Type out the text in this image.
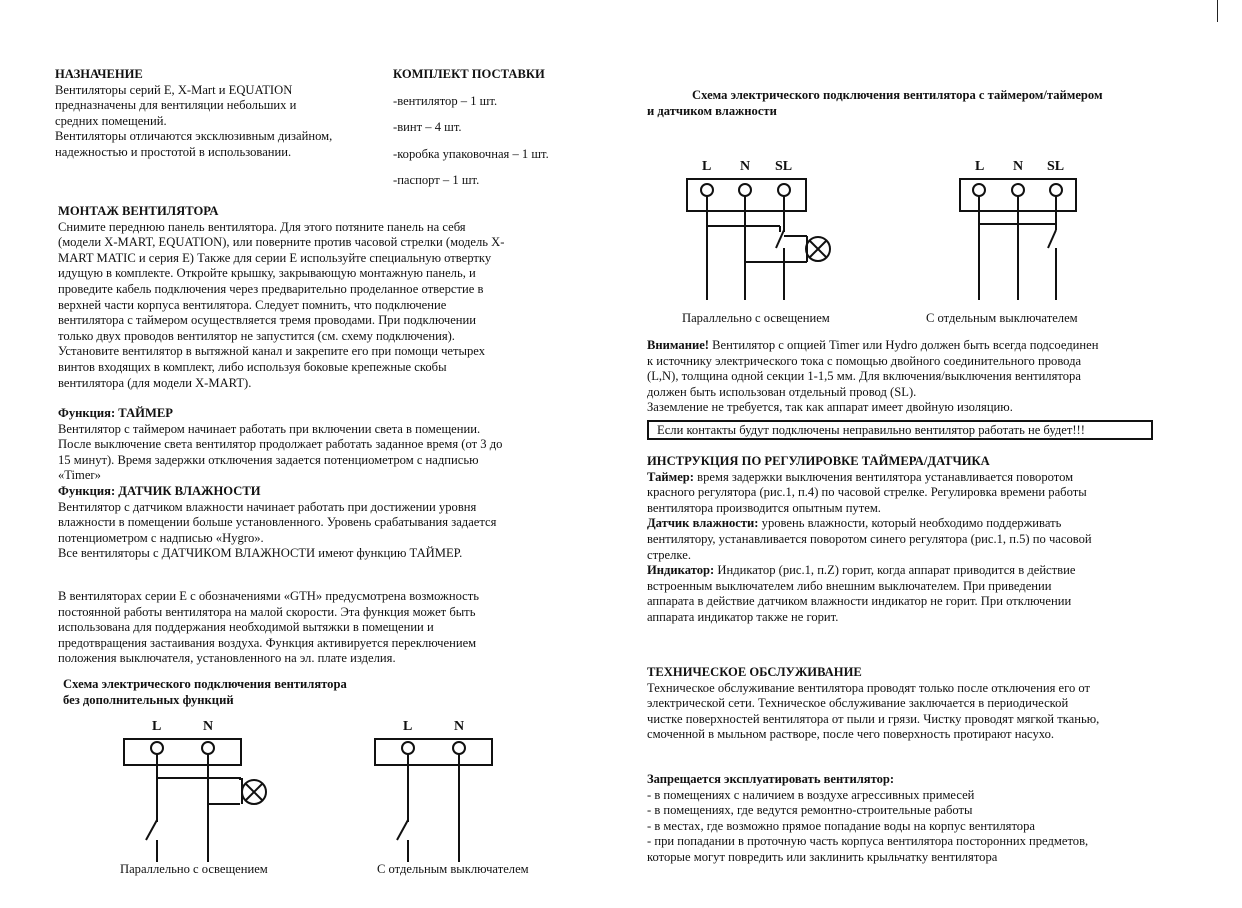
НАЗНАЧЕНИЕ

Вентиляторы серий E, X-Mart и EQUATION

предназначены для вентиляции небольших и

средних помещений.

Вентиляторы отличаются эксклюзивным дизайном,

надежностью и простотой в использовании.

КОМПЛЕКТ ПОСТАВКИ

-вентилятор – 1 шт.

-винт – 4 шт.

-коробка упаковочная – 1 шт.

-паспорт – 1 шт.

МОНТАЖ ВЕНТИЛЯТОРА

Снимите переднюю панель вентилятора. Для этого потяните панель на себя

(модели X-MART, EQUATION), или поверните против часовой стрелки (модель X-

MART MATIC и серия E) Также для серии E используйте специальную отвертку

идущую в комплекте. Откройте крышку, закрывающую монтажную панель, и

проведите кабель подключения через предварительно проделанное отверстие в

верхней части корпуса вентилятора. Следует помнить, что подключение

вентилятора с таймером осуществляется тремя проводами. При подключении

только двух проводов вентилятор не запустится (см. схему подключения).

Установите вентилятор в вытяжной канал и закрепите его при помощи четырех

винтов входящих в комплект, либо используя боковые крепежные скобы

вентилятора (для модели X-MART).

Функция: ТАЙМЕР

Вентилятор с таймером начинает работать при включении света в помещении.

После выключение света вентилятор продолжает работать заданное время (от 3 до

15 минут). Время задержки отключения задается потенциометром с надписью

«Timer»

Функция: ДАТЧИК ВЛАЖНОСТИ

Вентилятор с датчиком влажности начинает работать при достижении уровня

влажности в помещении больше установленного. Уровень срабатывания задается

потенциометром с надписью «Hygro».

Все вентиляторы с ДАТЧИКОМ ВЛАЖНОСТИ имеют функцию ТАЙМЕР.

В вентиляторах серии E с обозначениями «GTH» предусмотрена возможность

постоянной работы вентилятора на малой скорости. Эта функция может быть

использована для поддержания необходимой вытяжки в помещении и

предотвращения застаивания воздуха. Функция активируется переключением

положения выключателя, установленного на эл. плате изделия.

Схема электрического подключения вентилятора

без дополнительных функций

L	N	L	N
Параллельно с освещением	С отдельным выключателем

Схема электрического подключения вентилятора с таймером/таймером

и датчиком влажности

L N SL	L N SL
Параллельно с освещением	С отдельным выключателем

Внимание! Вентилятор с опцией Timer или Hydro должен быть всегда подсоединен

к источнику электрического тока с помощью двойного соединительного провода

(L,N), толщина одной секции 1-1,5 мм. Для включения/выключения вентилятора

должен быть использован отдельный провод (SL).

Заземление не требуется, так как аппарат имеет двойную изоляцию.

Если контакты будут подключены неправильно вентилятор работать не будет!!!

ИНСТРУКЦИЯ ПО РЕГУЛИРОВКЕ ТАЙМЕРА/ДАТЧИКА

Таймер: время задержки выключения вентилятора устанавливается поворотом

красного регулятора (рис.1, п.4) по часовой стрелке. Регулировка времени работы

вентилятора производится опытным путем.

Датчик влажности: уровень влажности, который необходимо поддерживать

вентилятору, устанавливается поворотом синего регулятора (рис.1, п.5) по часовой

стрелке.

Индикатор: Индикатор (рис.1, п.Z) горит, когда аппарат приводится в действие

встроенным выключателем либо внешним выключателем. При приведении

аппарата в действие датчиком влажности индикатор не горит. При отключении

аппарата индикатор также не горит.

ТЕХНИЧЕСКОЕ ОБСЛУЖИВАНИЕ

Техническое обслуживание вентилятора проводят только после отключения его от

электрической сети. Техническое обслуживание заключается в периодической

чистке поверхностей вентилятора от пыли и грязи. Чистку проводят мягкой тканью,

смоченной в мыльном растворе, после чего поверхность протирают насухо.

Запрещается эксплуатировать вентилятор:

- в помещениях с наличием в воздухе агрессивных примесей

- в помещениях, где ведутся ремонтно-строительные работы

- в местах, где возможно прямое попадание воды на корпус вентилятора

- при попадании в проточную часть корпуса вентилятора посторонних предметов,

которые могут повредить или заклинить крыльчатку вентилятора
